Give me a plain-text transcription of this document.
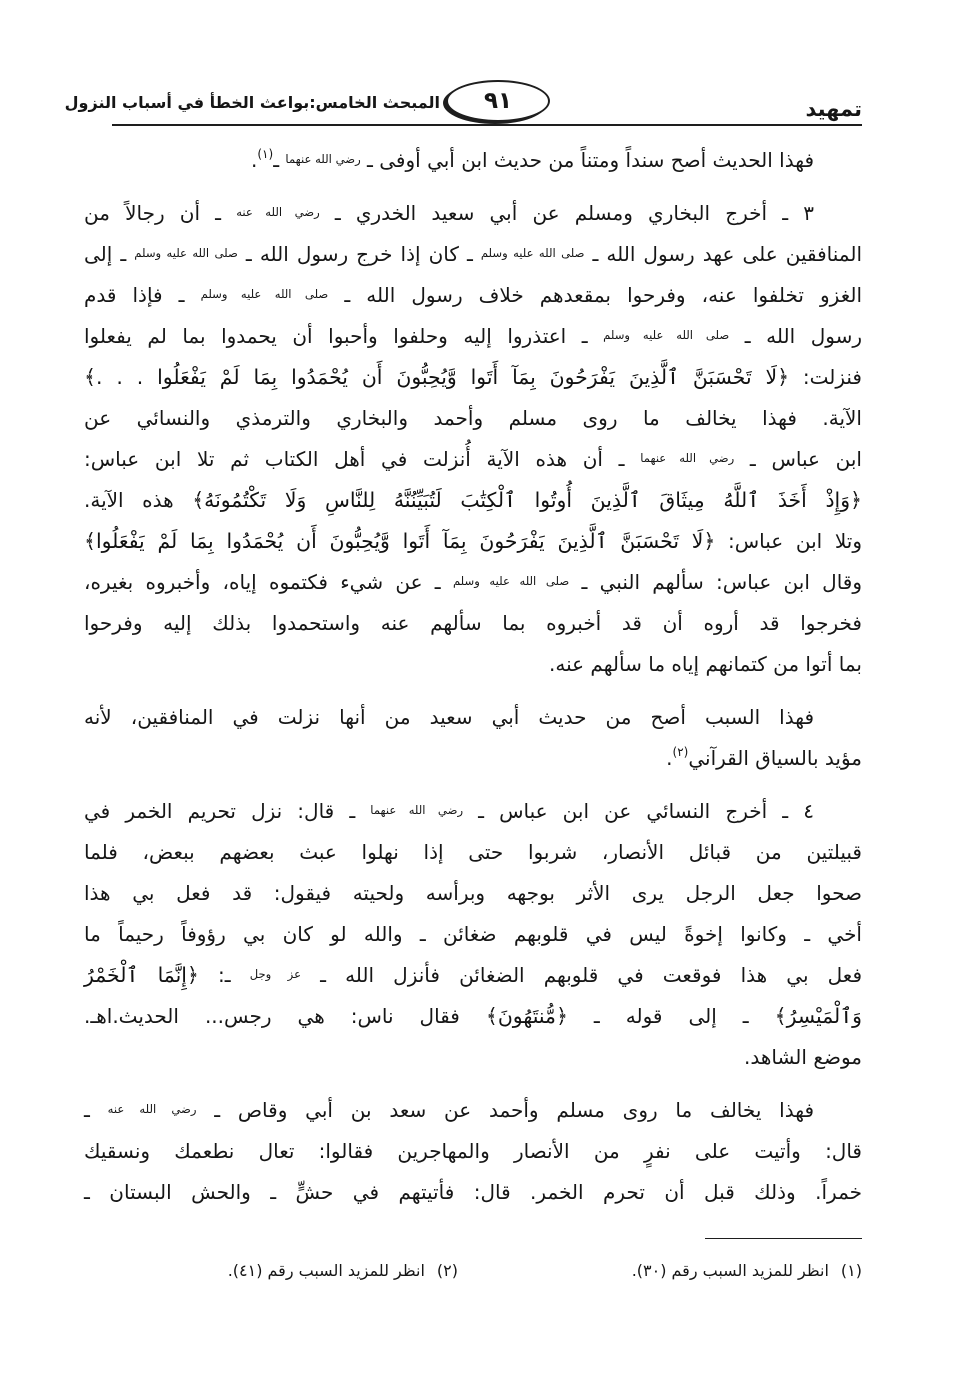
تمهيد
٩١
المبحث الخامس:بواعث الخطأ في أسباب النزول
فهذا الحديث أصح سنداً ومتناً من حديث ابن أبي أوفى ـ $^{رضي الله عنهما}$ ـ$^{(١)}$.
٣ ـ أخرج البخاري ومسلم عن أبي سعيد الخدري ـ $^{رضي الله عنه}$ ـ أن رجالاً من
المنافقين على عهد رسول الله ـ $^{صلى الله عليه وسلم}$ ـ كان إذا خرج رسول الله ـ $^{صلى الله عليه وسلم}$ ـ إلى
الغزو تخلفوا عنه، وفرحوا بمقعدهم خلاف رسول الله ـ $^{صلى الله عليه وسلم}$ ـ فإذا قدم
رسول الله ـ $^{صلى الله عليه وسلم}$ ـ اعتذروا إليه وحلفوا وأحبوا أن يحمدوا بما لم يفعلوا
فنزلت: ﴿لَا تَحْسَبَنَّ ٱلَّذِينَ يَفْرَحُونَ بِمَآ أَتَوا وَّيُحِبُّونَ أَن يُحْمَدُوا بِمَا لَمْ يَفْعَلُوا . . .﴾
الآية. فهذا يخالف ما روى مسلم وأحمد والبخاري والترمذي والنسائي عن
ابن عباس ـ $^{رضي الله عنهما}$ ـ أن هذه الآية أُنزلت في أهل الكتاب ثم تلا ابن عباس:
﴿وَإِذْ أَخَذَ ٱللَّهُ مِيثَاقَ ٱلَّذِينَ أُوتُوا ٱلْكِتَٰبَ لَتُبَيِّنُنَّهُ لِلنَّاسِ وَلَا تَكْتُمُونَهُ﴾ هذه الآية.
وتلا ابن عباس: ﴿لَا تَحْسَبَنَّ ٱلَّذِينَ يَفْرَحُونَ بِمَآ أَتَوا وَّيُحِبُّونَ أَن يُحْمَدُوا بِمَا لَمْ يَفْعَلُوا﴾
وقال ابن عباس: سألهم النبي ـ $^{صلى الله عليه وسلم}$ ـ عن شيء فكتموه إياه، وأخبروه بغيره،
فخرجوا قد أروه أن قد أخبروه بما سألهم عنه واستحمدوا بذلك إليه وفرحوا
بما أتوا من كتمانهم إياه ما سألهم عنه.
فهذا السبب أصح من حديث أبي سعيد من أنها نزلت في المنافقين، لأنه
مؤيد بالسياق القرآني$^{(٢)}$.
٤ ـ أخرج النسائي عن ابن عباس ـ $^{رضي الله عنهما}$ ـ قال: نزل تحريم الخمر في
قبيلتين من قبائل الأنصار، شربوا حتى إذا نهلوا عبث بعضهم ببعض، فلما
صحوا جعل الرجل يرى الأثر بوجهه وبرأسه ولحيته فيقول: قد فعل بي هذا
أخي ـ وكانوا إخوةً ليس في قلوبهم ضغائن ـ والله لو كان بي رؤوفاً رحيماً ما
فعل بي هذا فوقعت في قلوبهم الضغائن فأنزل الله ـ $^{عز وجل}$ ـ: ﴿إِنَّمَا ٱلْخَمْرُ
وَٱلْمَيْسِرُ﴾ ـ إلى قوله ـ ﴿مُّنتَهُونَ﴾ فقال ناس: هي رجس... الحديث.اهـ.
موضع الشاهد.
فهذا يخالف ما روى مسلم وأحمد عن سعد بن أبي وقاص ـ $^{رضي الله عنه}$ ـ
قال: وأتيت على نفرٍ من الأنصار والمهاجرين فقالوا: تعال نطعمك ونسقيك
خمراً. وذلك قبل أن تحرم الخمر. قال: فأتيتهم في حشٍّ ـ والحش البستان ـ
(١)انظر للمزيد السبب رقم (٣٠).
(٢)انظر للمزيد السبب رقم (٤١).
